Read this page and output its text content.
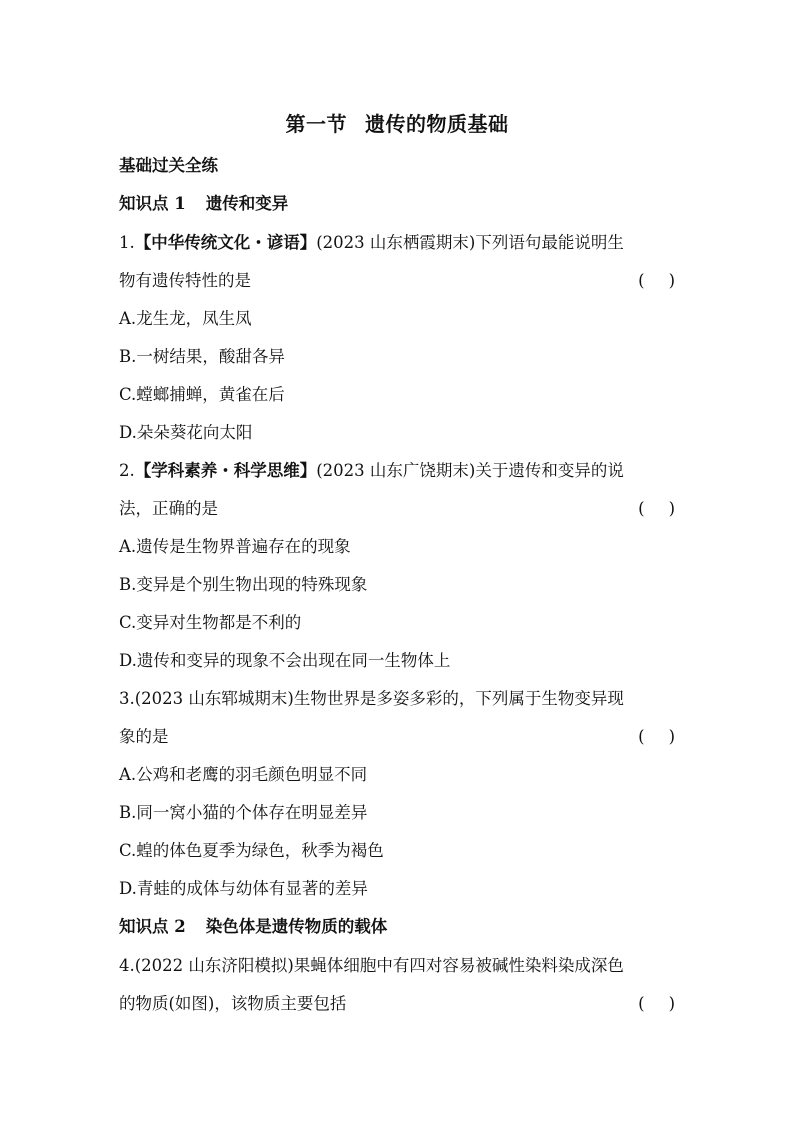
第一节 遗传的物质基础
基础过关全练
知识点 1 遗传和变异
1.【中华传统文化・谚语】(2023 山东栖霞期末)下列语句最能说明生
物有遗传特性的是	( )
A.龙生龙，凤生凤
B.一树结果，酸甜各异
C.螳螂捕蝉，黄雀在后
D.朵朵葵花向太阳
2.【学科素养・科学思维】(2023 山东广饶期末)关于遗传和变异的说
法，正确的是	( )
A.遗传是生物界普遍存在的现象
B.变异是个别生物出现的特殊现象
C.变异对生物都是不利的
D.遗传和变异的现象不会出现在同一生物体上
3.(2023 山东郓城期末)生物世界是多姿多彩的，下列属于生物变异现
象的是	( )
A.公鸡和老鹰的羽毛颜色明显不同
B.同一窝小猫的个体存在明显差异
C.蝗的体色夏季为绿色，秋季为褐色
D.青蛙的成体与幼体有显著的差异
知识点 2 染色体是遗传物质的载体
4.(2022 山东济阳模拟)果蝇体细胞中有四对容易被碱性染料染成深色
的物质(如图)，该物质主要包括	( )
